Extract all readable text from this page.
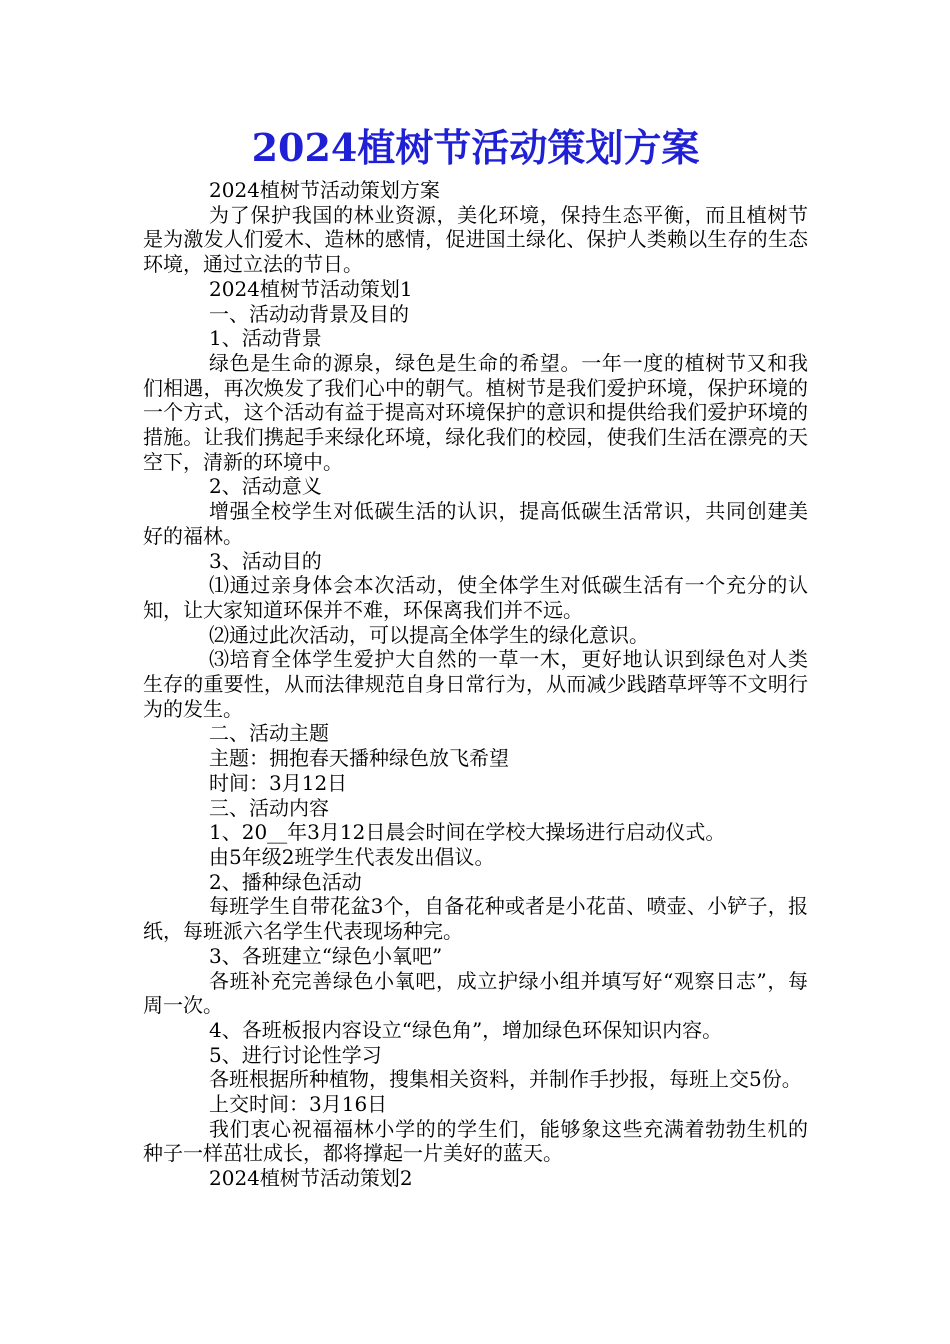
2024植树节活动策划方案

2024植树节活动策划方案

为了保护我国的林业资源，美化环境，保持生态平衡，而且植树节是为激发人们爱木、造林的感情，促进国土绿化、保护人类赖以生存的生态环境，通过立法的节日。

2024植树节活动策划1

一、活动动背景及目的

1、活动背景

绿色是生命的源泉，绿色是生命的希望。一年一度的植树节又和我们相遇，再次焕发了我们心中的朝气。植树节是我们爱护环境，保护环境的一个方式，这个活动有益于提高对环境保护的意识和提供给我们爱护环境的措施。让我们携起手来绿化环境，绿化我们的校园，使我们生活在漂亮的天空下，清新的环境中。

2、活动意义

增强全校学生对低碳生活的认识，提高低碳生活常识，共同创建美好的福林。

3、活动目的

⑴通过亲身体会本次活动，使全体学生对低碳生活有一个充分的认知，让大家知道环保并不难，环保离我们并不远。

⑵通过此次活动，可以提高全体学生的绿化意识。

⑶培育全体学生爱护大自然的一草一木，更好地认识到绿色对人类生存的重要性，从而法律规范自身日常行为，从而减少践踏草坪等不文明行为的发生。

二、活动主题

主题：拥抱春天播种绿色放飞希望

时间：3月12日

三、活动内容

1、20__年3月12日晨会时间在学校大操场进行启动仪式。

由5年级2班学生代表发出倡议。

2、播种绿色活动

每班学生自带花盆3个，自备花种或者是小花苗、喷壶、小铲子，报纸，每班派六名学生代表现场种完。

3、各班建立“绿色小氧吧”

各班补充完善绿色小氧吧，成立护绿小组并填写好“观察日志”，每周一次。

4、各班板报内容设立“绿色角”，增加绿色环保知识内容。

5、进行讨论性学习

各班根据所种植物，搜集相关资料，并制作手抄报，每班上交5份。

上交时间：3月16日

我们衷心祝福福林小学的的学生们，能够象这些充满着勃勃生机的种子一样茁壮成长，都将撑起一片美好的蓝天。

2024植树节活动策划2
